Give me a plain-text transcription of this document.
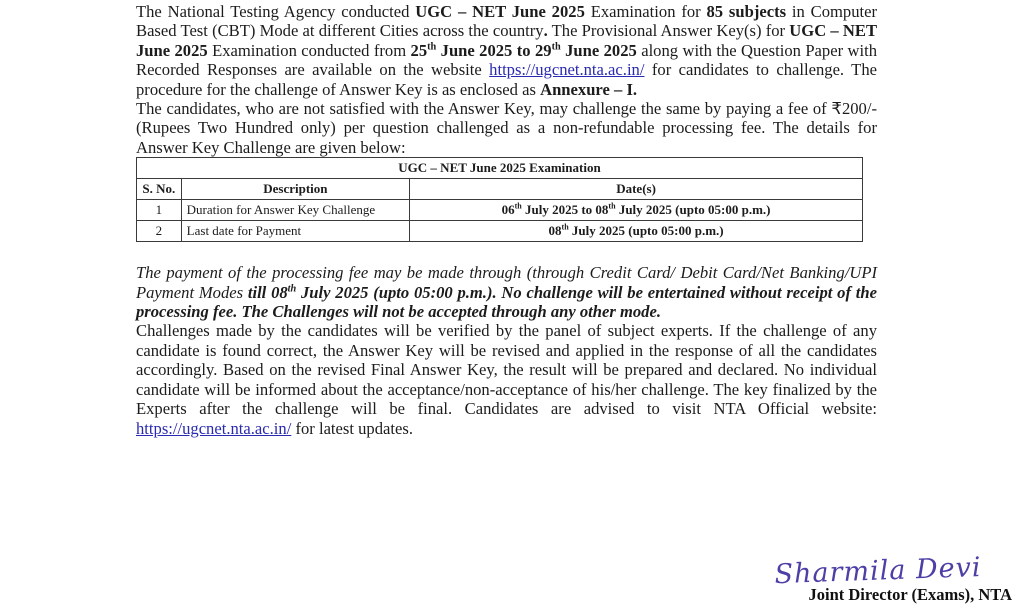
The National Testing Agency conducted UGC – NET June 2025 Examination for 85 subjects in Computer Based Test (CBT) Mode at different Cities across the country. The Provisional Answer Key(s) for UGC – NET June 2025 Examination conducted from 25th June 2025 to 29th June 2025 along with the Question Paper with Recorded Responses are available on the website https://ugcnet.nta.ac.in/ for candidates to challenge. The procedure for the challenge of Answer Key is as enclosed as Annexure – I.

The candidates, who are not satisfied with the Answer Key, may challenge the same by paying a fee of ₹200/- (Rupees Two Hundred only) per question challenged as a non-refundable processing fee. The details for Answer Key Challenge are given below:

UGC – NET June 2025 Examination		
S. No.	Description	Date(s)
1	Duration for Answer Key Challenge	06th July 2025 to 08th July 2025 (upto 05:00 p.m.)
2	Last date for Payment	08th July 2025 (upto 05:00 p.m.)

The payment of the processing fee may be made through (through Credit Card/ Debit Card/Net Banking/UPI Payment Modes till 08th July 2025 (upto 05:00 p.m.). No challenge will be entertained without receipt of the processing fee. The Challenges will not be accepted through any other mode.

Challenges made by the candidates will be verified by the panel of subject experts. If the challenge of any candidate is found correct, the Answer Key will be revised and applied in the response of all the candidates accordingly. Based on the revised Final Answer Key, the result will be prepared and declared. No individual candidate will be informed about the acceptance/non-acceptance of his/her challenge. The key finalized by the Experts after the challenge will be final. Candidates are advised to visit NTA Official website: https://ugcnet.nta.ac.in/ for latest updates.

Sharmila Devi
Joint Director (Exams), NTA
